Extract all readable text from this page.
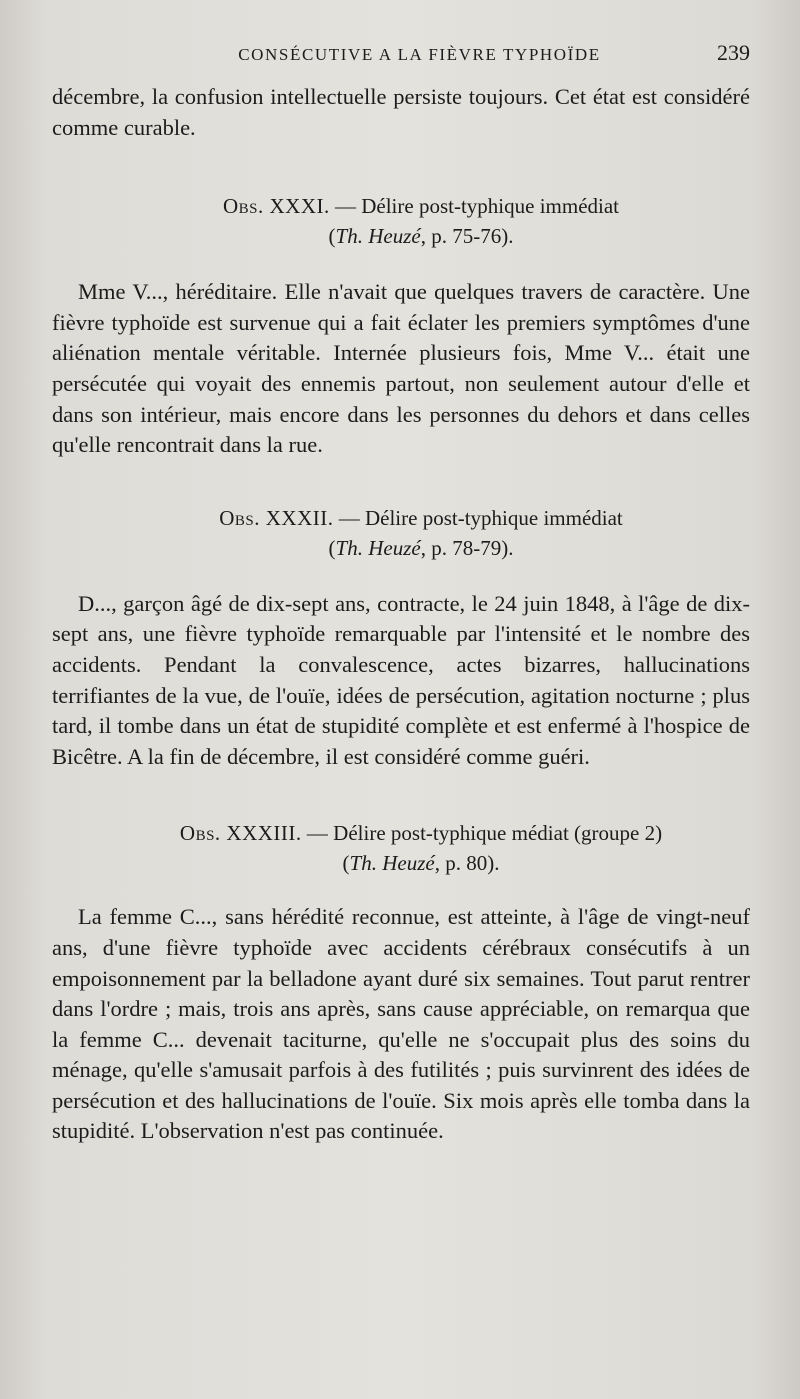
CONSÉCUTIVE A LA FIÈVRE TYPHOÏDE	239

décembre, la confusion intellectuelle persiste toujours. Cet état est considéré comme curable.

Obs. XXXI. — Délire post-typhique immédiat
(Th. Heuzé, p. 75-76).

Mme V..., héréditaire. Elle n'avait que quelques travers de caractère. Une fièvre typhoïde est survenue qui a fait éclater les premiers symptômes d'une aliénation mentale véritable. Internée plusieurs fois, Mme V... était une persécutée qui voyait des ennemis partout, non seulement autour d'elle et dans son intérieur, mais encore dans les personnes du dehors et dans celles qu'elle rencontrait dans la rue.

Obs. XXXII. — Délire post-typhique immédiat
(Th. Heuzé, p. 78-79).

D..., garçon âgé de dix-sept ans, contracte, le 24 juin 1848, à l'âge de dix-sept ans, une fièvre typhoïde remarquable par l'intensité et le nombre des accidents. Pendant la convalescence, actes bizarres, hallucinations terrifiantes de la vue, de l'ouïe, idées de persécution, agitation nocturne ; plus tard, il tombe dans un état de stupidité complète et est enfermé à l'hospice de Bicêtre. A la fin de décembre, il est considéré comme guéri.

Obs. XXXIII. — Délire post-typhique médiat (groupe 2)
(Th. Heuzé, p. 80).

La femme C..., sans hérédité reconnue, est atteinte, à l'âge de vingt-neuf ans, d'une fièvre typhoïde avec accidents cérébraux consécutifs à un empoisonnement par la belladone ayant duré six semaines. Tout parut rentrer dans l'ordre ; mais, trois ans après, sans cause appréciable, on remarqua que la femme C... devenait taciturne, qu'elle ne s'occupait plus des soins du ménage, qu'elle s'amusait parfois à des futilités ; puis survinrent des idées de persécution et des hallucinations de l'ouïe. Six mois après elle tomba dans la stupidité. L'observation n'est pas continuée.
